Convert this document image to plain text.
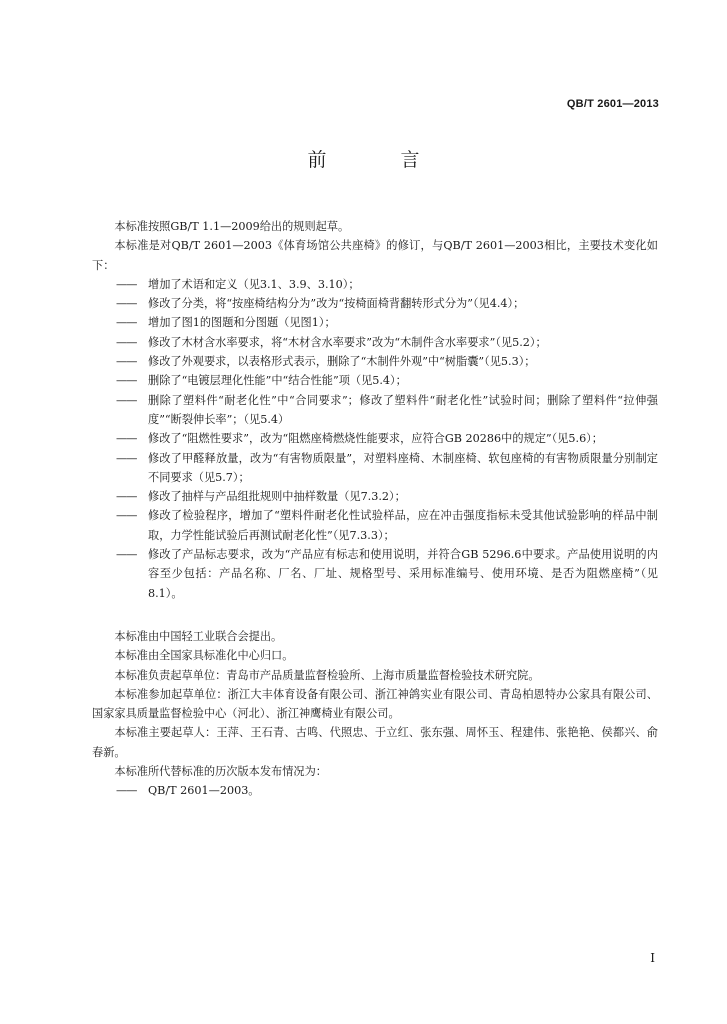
QB/T 2601—2013
前 言

本标准按照GB/T 1.1—2009给出的规则起草。

本标准是对QB/T 2601—2003《体育场馆公共座椅》的修订，与QB/T 2601—2003相比，主要技术变化如下：

——	增加了术语和定义（见3.1、3.9、3.10）；
——	修改了分类，将“按座椅结构分为”改为“按椅面椅背翻转形式分为”（见4.4）；
——	增加了图1的图题和分图题（见图1）；
——	修改了木材含水率要求，将“木材含水率要求”改为“木制件含水率要求”（见5.2）；
——	修改了外观要求，以表格形式表示，删除了“木制件外观”中“树脂囊”（见5.3）；
——	删除了“电镀层理化性能”中“结合性能”项（见5.4）；
——	删除了塑料件“耐老化性”中“合同要求”；修改了塑料件“耐老化性”试验时间；删除了塑料件“拉伸强度”“断裂伸长率”；（见5.4）
——	修改了“阻燃性要求”，改为“阻燃座椅燃烧性能要求，应符合GB 20286中的规定”（见5.6）；
——	修改了甲醛释放量，改为“有害物质限量”，对塑料座椅、木制座椅、软包座椅的有害物质限量分别制定不同要求（见5.7）；
——	修改了抽样与产品组批规则中抽样数量（见7.3.2）；
——	修改了检验程序，增加了“塑料件耐老化性试验样品，应在冲击强度指标未受其他试验影响的样品中制取，力学性能试验后再测试耐老化性”（见7.3.3）；
——	修改了产品标志要求，改为“产品应有标志和使用说明，并符合GB 5296.6中要求。产品使用说明的内容至少包括：产品名称、厂名、厂址、规格型号、采用标准编号、使用环境、是否为阻燃座椅”（见8.1）。

本标准由中国轻工业联合会提出。

本标准由全国家具标准化中心归口。

本标准负责起草单位：青岛市产品质量监督检验所、上海市质量监督检验技术研究院。

本标准参加起草单位：浙江大丰体育设备有限公司、浙江神鸽实业有限公司、青岛柏恩特办公家具有限公司、国家家具质量监督检验中心（河北）、浙江神鹰椅业有限公司。

本标准主要起草人：王萍、王石青、古鸣、代照忠、于立红、张东强、周怀玉、程建伟、张艳艳、侯都兴、俞春新。

本标准所代替标准的历次版本发布情况为：

——	QB/T 2601—2003。
I
